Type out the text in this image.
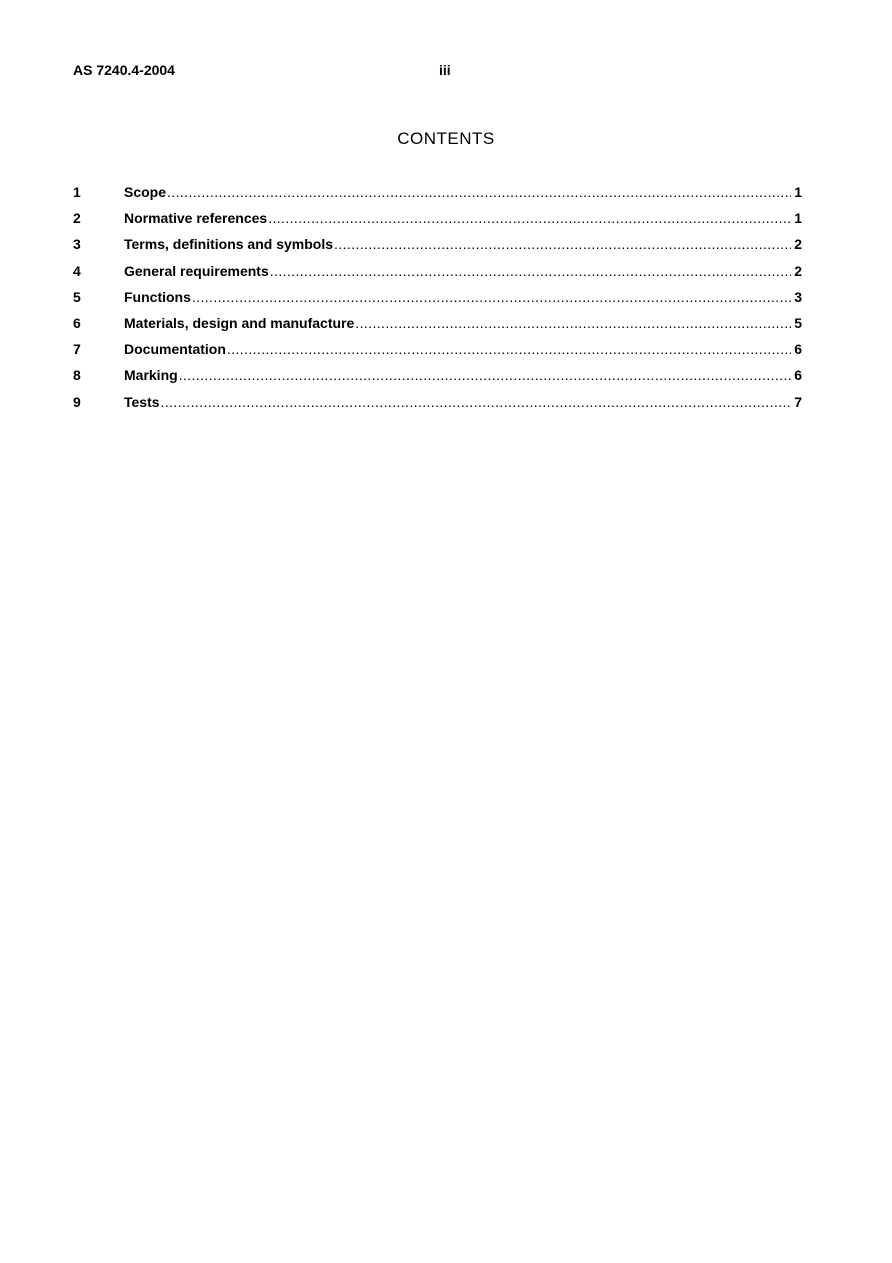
AS 7240.4-2004	iii
CONTENTS
1	Scope .....	1
2	Normative references .....	1
3	Terms, definitions and symbols .....	2
4	General requirements .....	2
5	Functions .....	3
6	Materials, design and manufacture .....	5
7	Documentation .....	6
8	Marking .....	6
9	Tests .....	7
